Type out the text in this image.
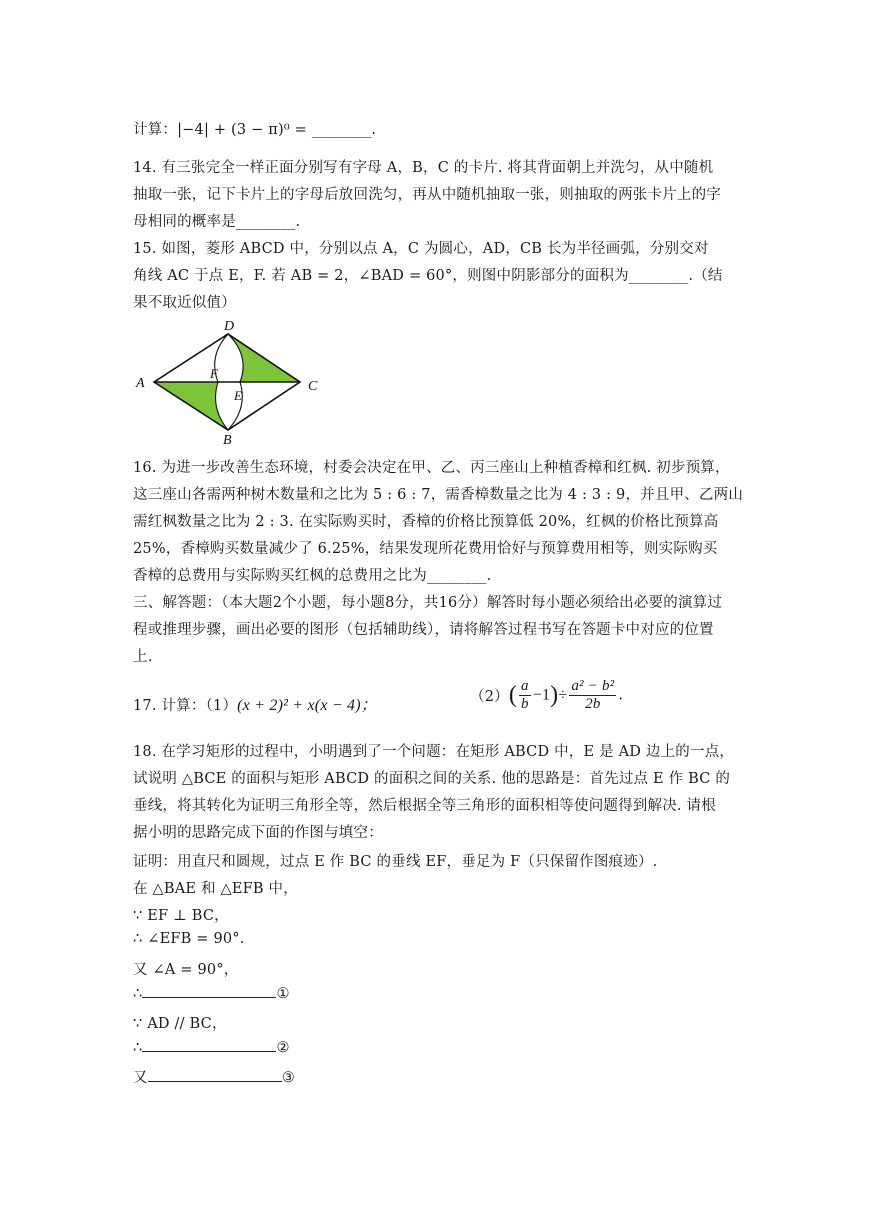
计算：|−4| + (3 − π)⁰ = ________.
14. 有三张完全一样正面分别写有字母 A，B，C 的卡片. 将其背面朝上并洗匀，从中随机
抽取一张，记下卡片上的字母后放回洗匀，再从中随机抽取一张，则抽取的两张卡片上的字
母相同的概率是________.
15. 如图，菱形 ABCD 中，分别以点 A，C 为圆心，AD，CB 长为半径画弧，分别交对
角线 AC 于点 E，F. 若 AB = 2，∠BAD = 60°，则图中阴影部分的面积为________.（结
果不取近似值）
D
A	C
B
F
E
16. 为进一步改善生态环境，村委会决定在甲、乙、丙三座山上种植香樟和红枫. 初步预算，
这三座山各需两种树木数量和之比为 5 : 6 : 7，需香樟数量之比为 4 : 3 : 9，并且甲、乙两山
需红枫数量之比为 2 : 3. 在实际购买时，香樟的价格比预算低 20%，红枫的价格比预算高
25%，香樟购买数量减少了 6.25%，结果发现所花费用恰好与预算费用相等，则实际购买
香樟的总费用与实际购买红枫的总费用之比为________.
三、解答题：（本大题2个小题，每小题8分，共16分）解答时每小题必须给出必要的演算过
程或推理步骤，画出必要的图形（包括辅助线），请将解答过程书写在答题卡中对应的位置
上.
17. 计算：（1）(x + 2)² + x(x − 4)；	$(2)( \frac{a}{b} -1)\div \frac{\text{a² − b²}}{2b}$ .
18. 在学习矩形的过程中，小明遇到了一个问题：在矩形 ABCD 中，E 是 AD 边上的一点，
试说明 △BCE 的面积与矩形 ABCD 的面积之间的关系. 他的思路是：首先过点 E 作 BC 的
垂线，将其转化为证明三角形全等，然后根据全等三角形的面积相等使问题得到解决. 请根
据小明的思路完成下面的作图与填空：
证明：用直尺和圆规，过点 E 作 BC 的垂线 EF，垂足为 F（只保留作图痕迹）.
在 △BAE 和 △EFB 中，
∵ EF ⊥ BC，
∴ ∠EFB = 90°.
又 ∠A = 90°，
∴	①
∵ AD // BC，
∴	②
又	③
